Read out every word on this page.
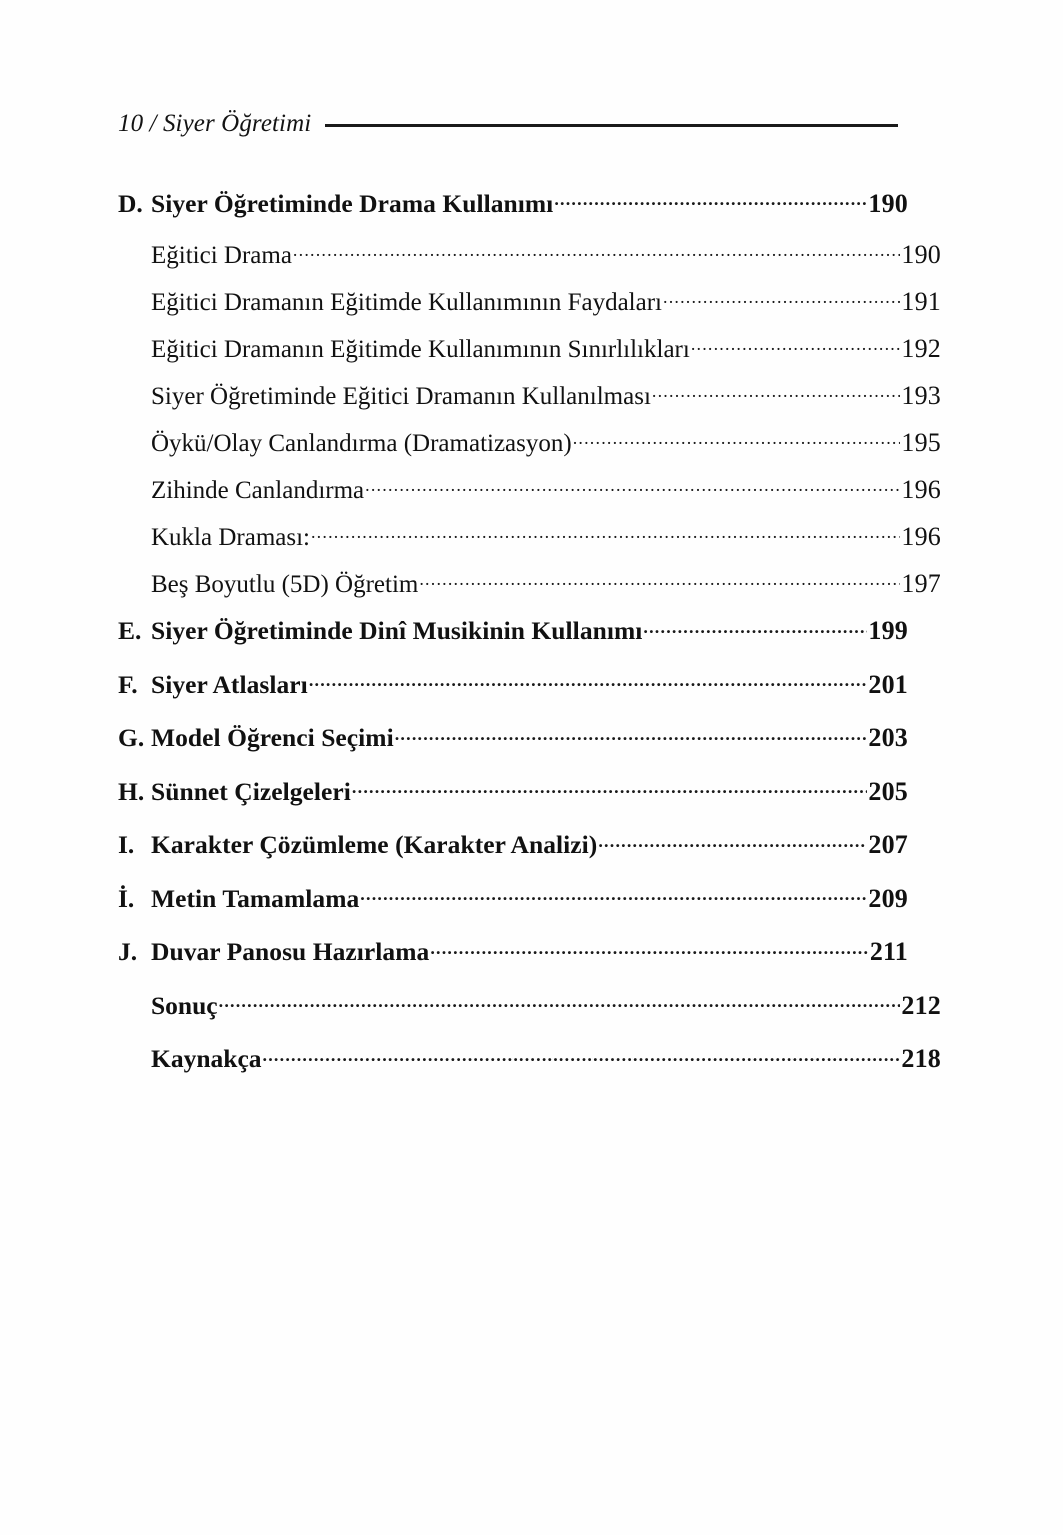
10 / Siyer Öğretimi
D. Siyer Öğretiminde Drama Kullanımı .....	190
Eğitici Drama .....	190
Eğitici Dramanın Eğitimde Kullanımının Faydaları .....	191
Eğitici Dramanın Eğitimde Kullanımının Sınırlılıkları .....	192
Siyer Öğretiminde Eğitici Dramanın Kullanılması .....	193
Öykü/Olay Canlandırma (Dramatizasyon) .....	195
Zihinde Canlandırma .....	196
Kukla Draması: .....	196
Beş Boyutlu (5D) Öğretim .....	197
E. Siyer Öğretiminde Dinî Musikinin Kullanımı .....	199
F. Siyer Atlasları .....	201
G. Model Öğrenci Seçimi .....	203
H. Sünnet Çizelgeleri .....	205
I. Karakter Çözümleme (Karakter Analizi) .....	207
İ. Metin Tamamlama .....	209
J. Duvar Panosu Hazırlama .....	211
Sonuç .....	212
Kaynakça .....	218
